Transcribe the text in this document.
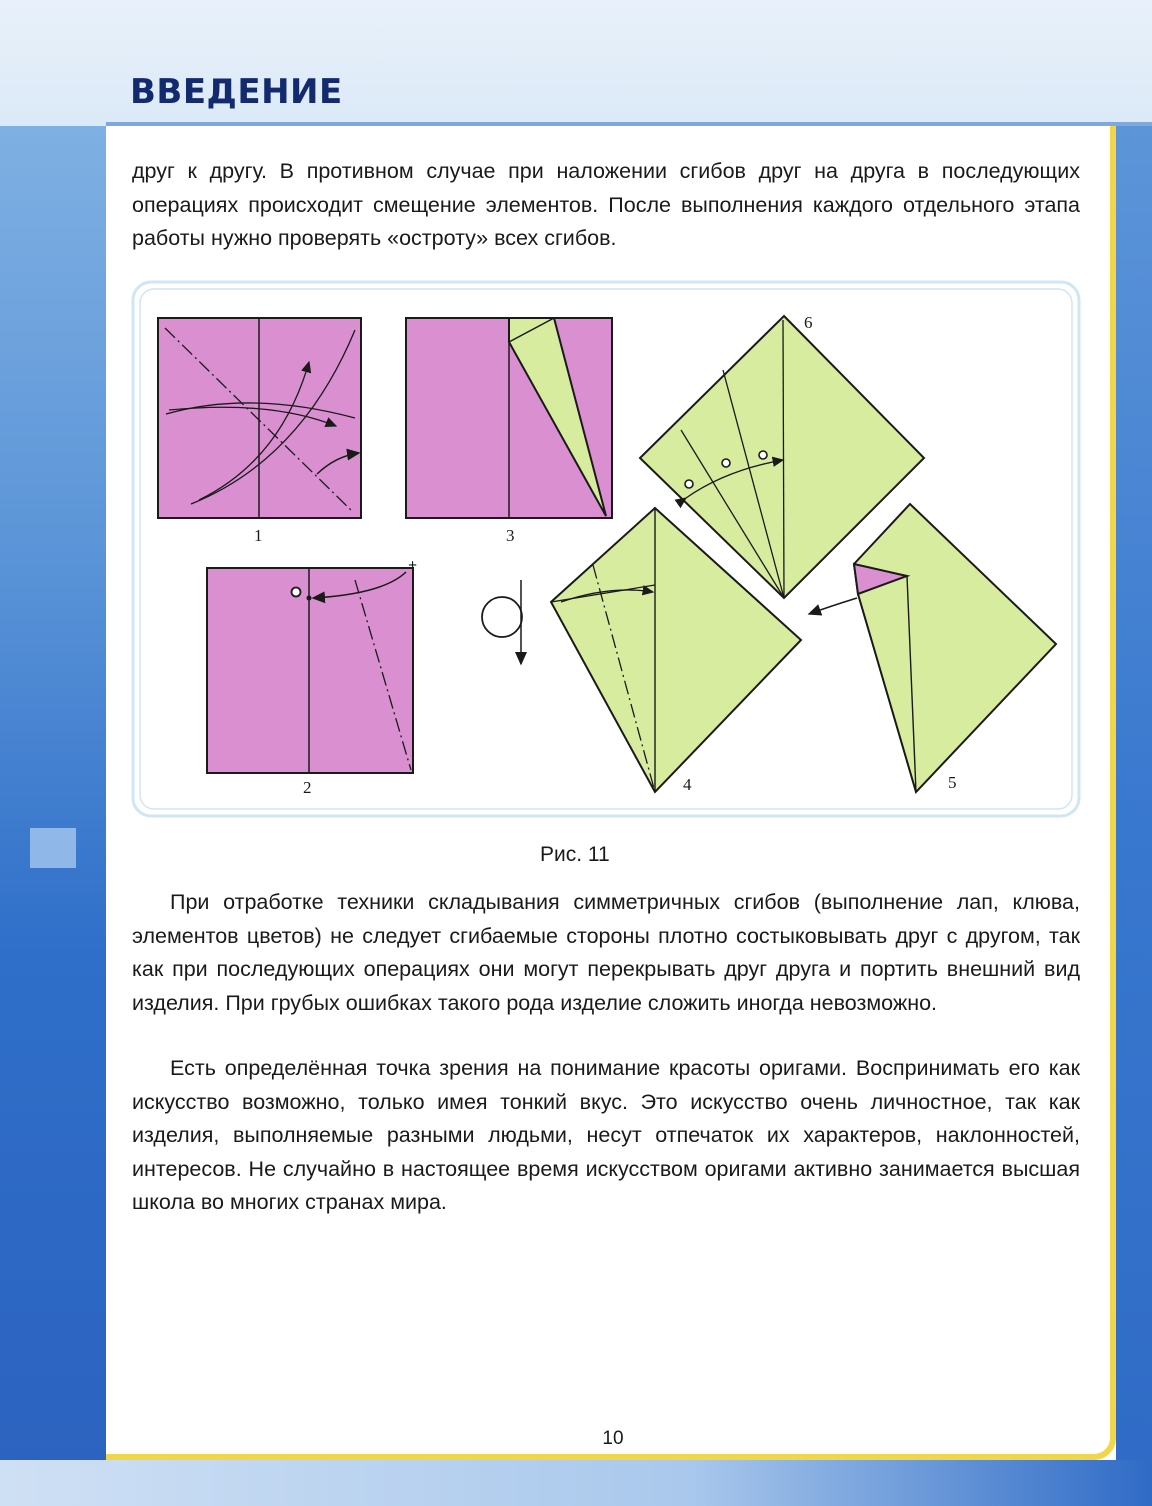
ВВЕДЕНИЕ

друг к другу. В противном случае при наложении сгибов друг на друга в последующих операциях происходит смещение элементов. После выполнения каждого отдельного этапа работы нужно проверять «остроту» всех сгибов.

1
2
3
4	5
6
+
Рис. 11

При отработке техники складывания симметричных сгибов (выполнение лап, клюва, элементов цветов) не следует сгибаемые стороны плотно состыковывать друг с другом, так как при последующих операциях они могут перекрывать друг друга и портить внешний вид изделия. При грубых ошибках такого рода изделие сложить иногда невозможно.

Есть определённая точка зрения на понимание красоты оригами. Воспринимать его как искусство возможно, только имея тонкий вкус. Это искусство очень личностное, так как изделия, выполняемые разными людьми, несут отпечаток их характеров, наклонностей, интересов. Не случайно в настоящее время искусством оригами активно занимается высшая школа во многих странах мира.

10
